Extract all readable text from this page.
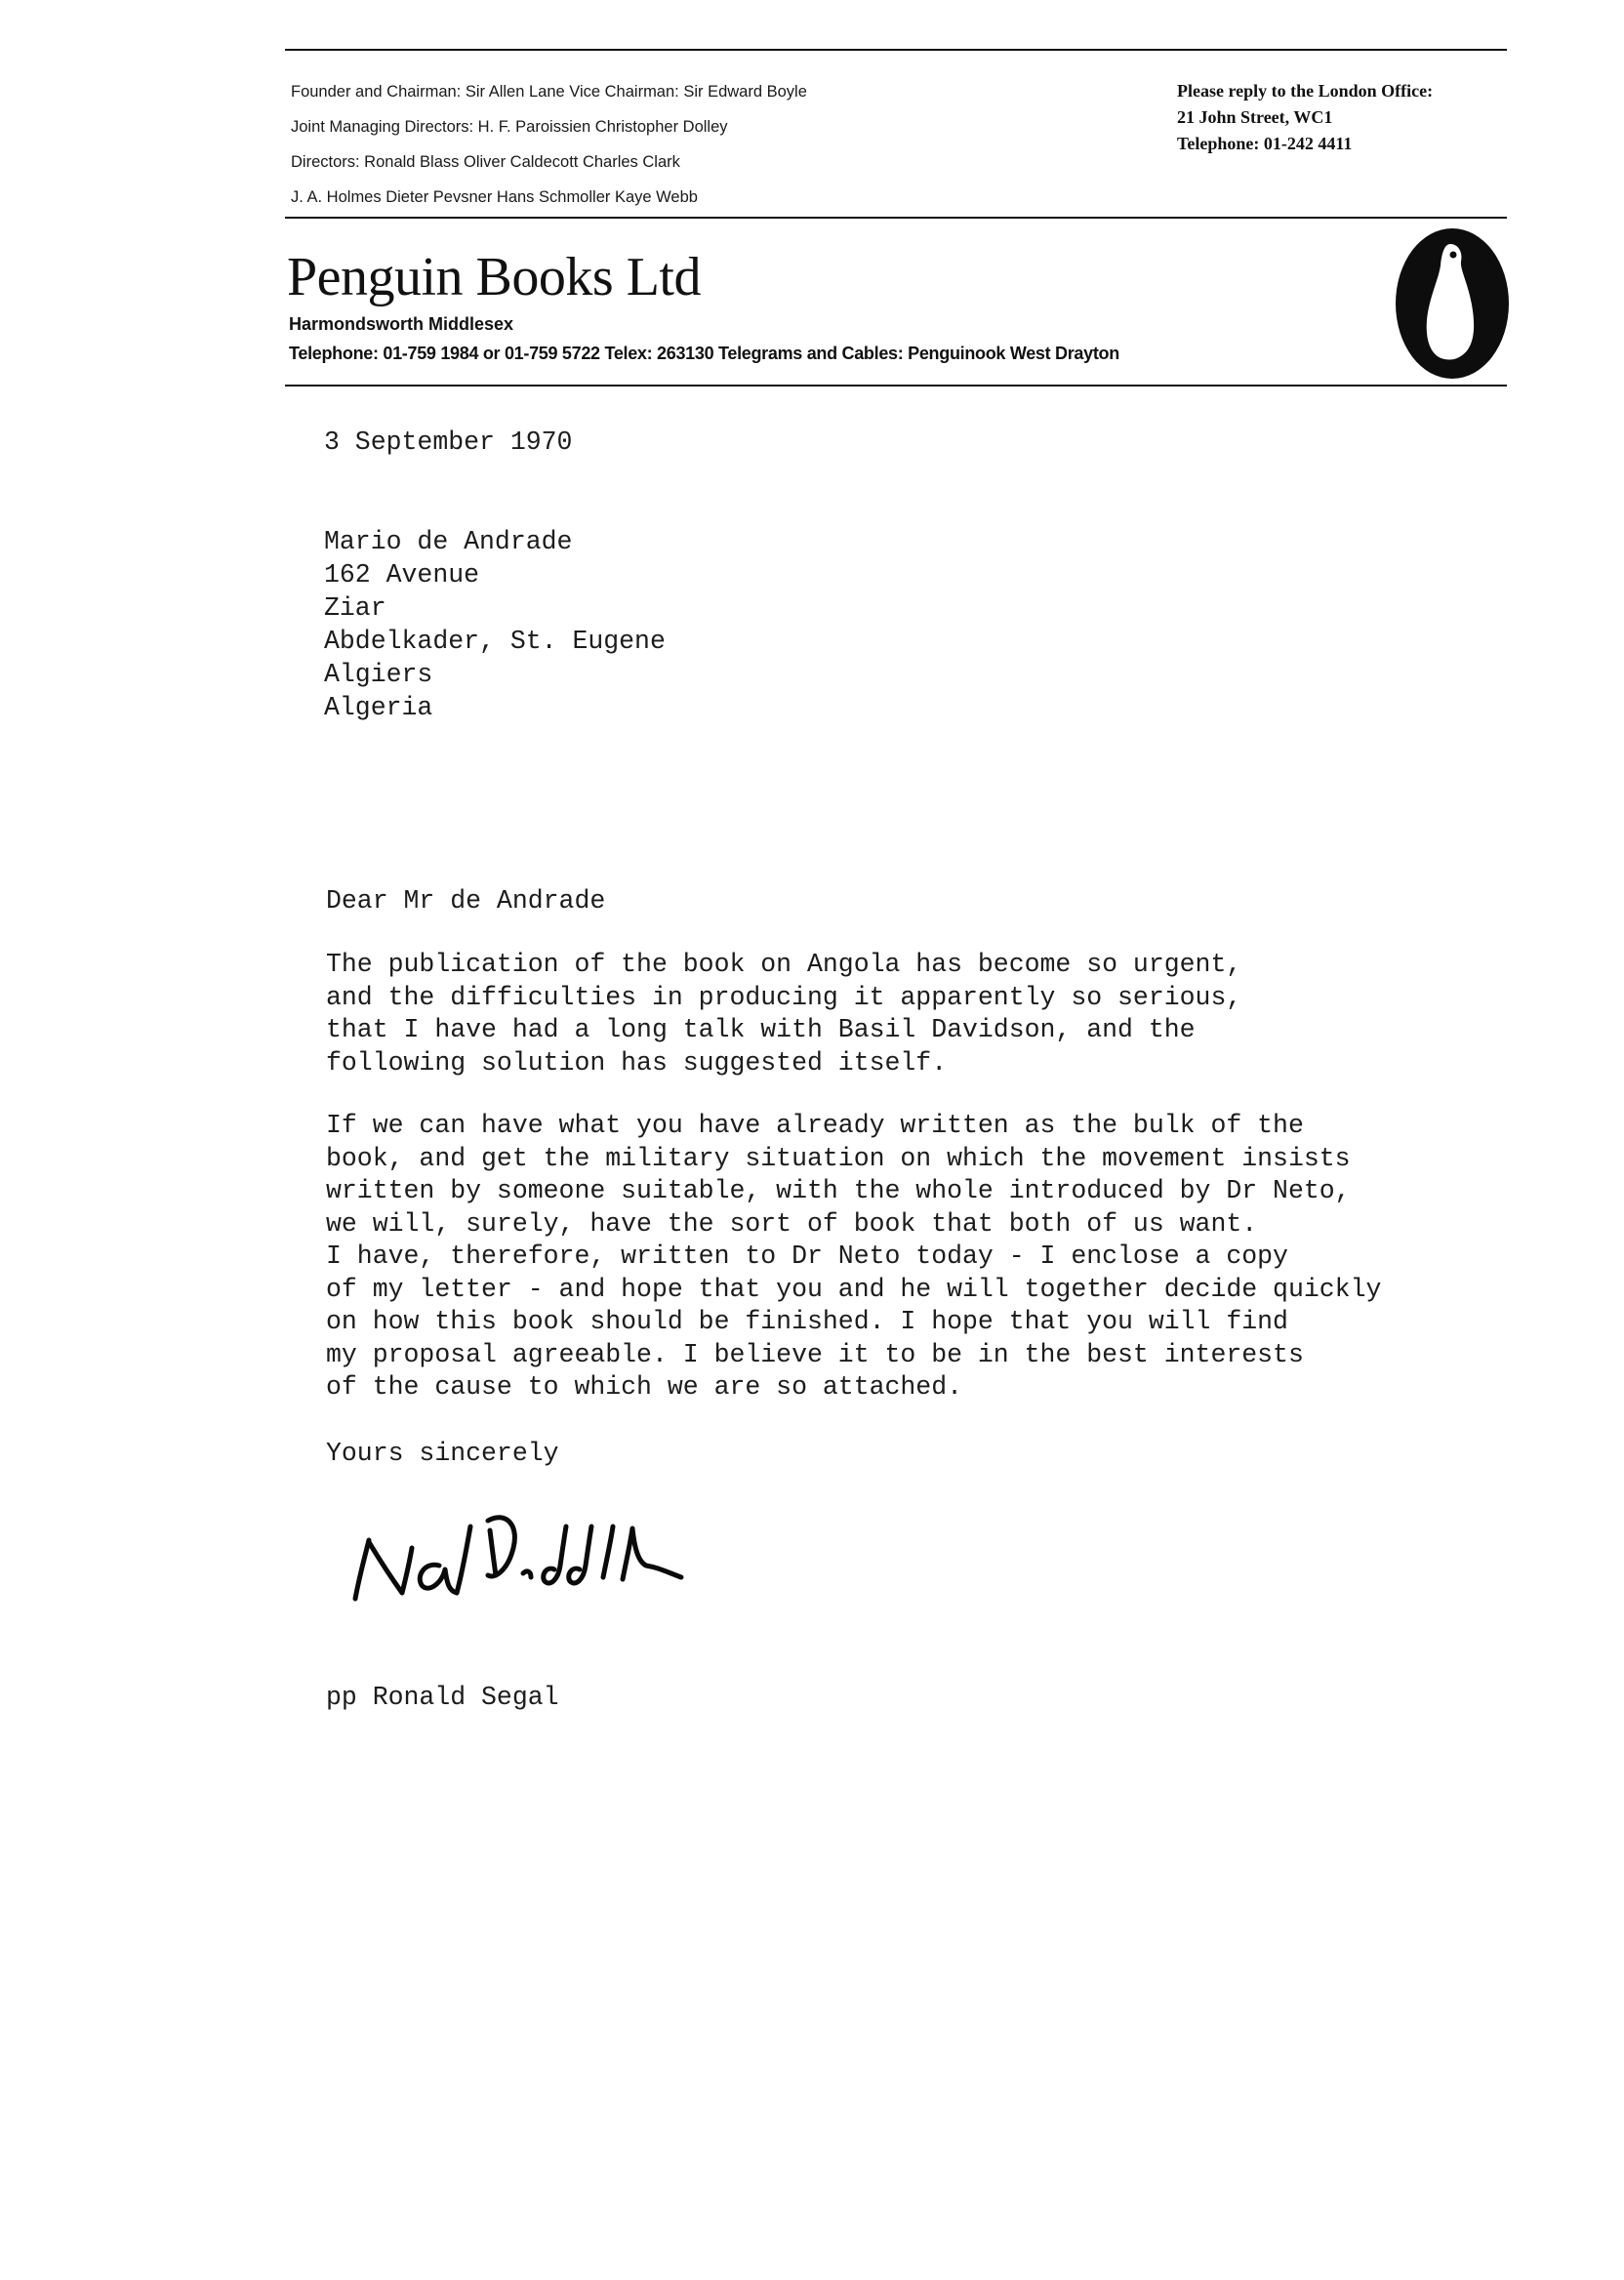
Founder and Chairman: Sir Allen Lane Vice Chairman: Sir Edward Boyle
Joint Managing Directors: H. F. Paroissien Christopher Dolley
Directors: Ronald Blass Oliver Caldecott Charles Clark
J. A. Holmes Dieter Pevsner Hans Schmoller Kaye Webb
Please reply to the London Office:
21 John Street, WC1
Telephone: 01-242 4411
Penguin Books Ltd
Harmondsworth Middlesex
Telephone: 01-759 1984 or 01-759 5722 Telex: 263130 Telegrams and Cables: Penguinook West Drayton
3 September 1970
Mario de Andrade
162 Avenue
Ziar
Abdelkader, St. Eugene
Algiers
Algeria
Dear Mr de Andrade
The publication of the book on Angola has become so urgent,
and the difficulties in producing it apparently so serious,
that I have had a long talk with Basil Davidson, and the
following solution has suggested itself.
If we can have what you have already written as the bulk of the
book, and get the military situation on which the movement insists
written by someone suitable, with the whole introduced by Dr Neto,
we will, surely, have the sort of book that both of us want.
I have, therefore, written to Dr Neto today - I enclose a copy
of my letter - and hope that you and he will together decide quickly
on how this book should be finished. I hope that you will find
my proposal agreeable. I believe it to be in the best interests
of the cause to which we are so attached.
Yours sincerely
pp Ronald Segal
